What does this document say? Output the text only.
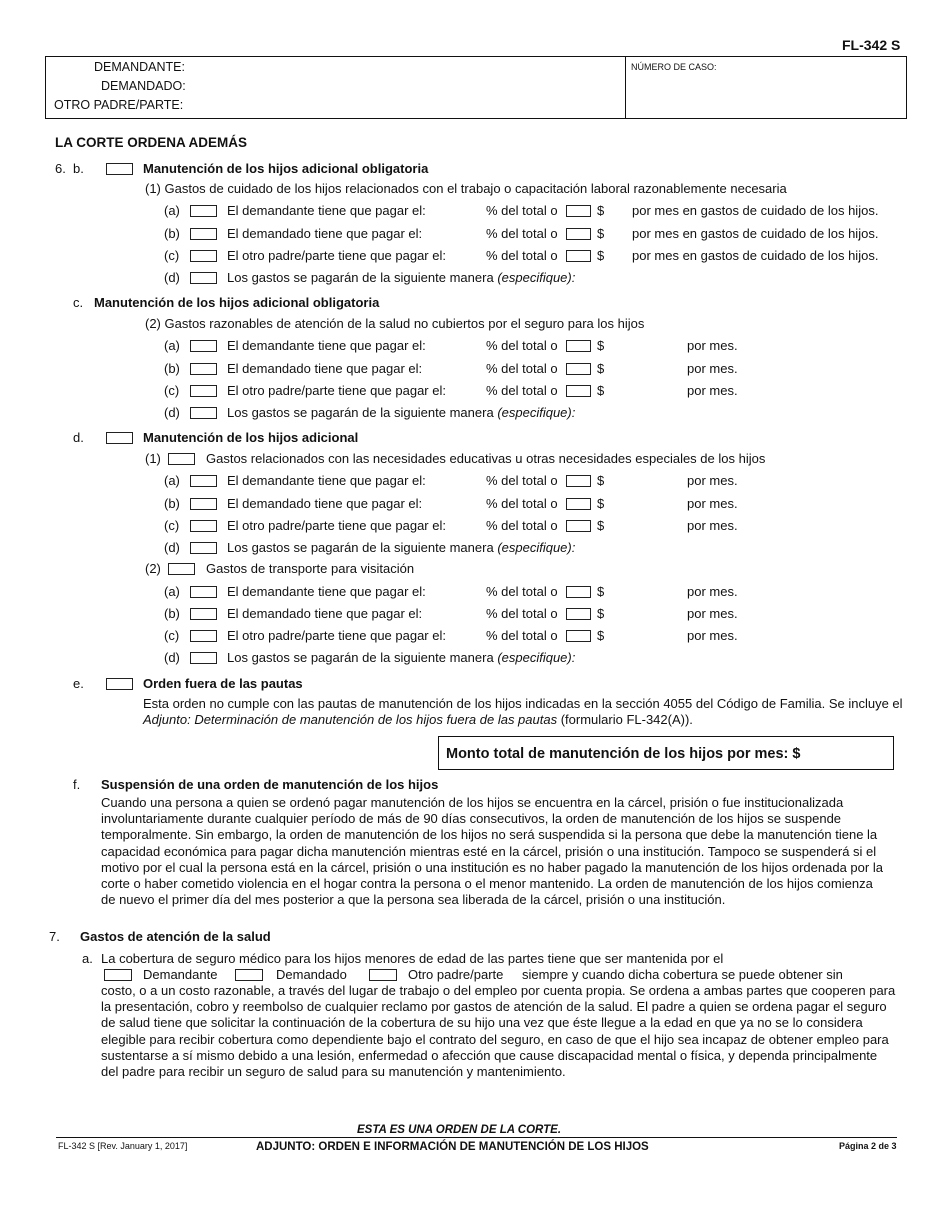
FL-342 S
DEMANDANTE:
DEMANDADO:
OTRO PADRE/PARTE:
NÚMERO DE CASO:
LA CORTE ORDENA ADEMÁS
6. b.	Manutención de los hijos adicional obligatoria
(1) Gastos de cuidado de los hijos relacionados con el trabajo o capacitación laboral razonablemente necesaria
(a)	El demandante tiene que pagar el:	% del total o	$ por mes en gastos de cuidado de los hijos.
(b)	El demandado tiene que pagar el:	% del total o	$ por mes en gastos de cuidado de los hijos.
(c)	El otro padre/parte tiene que pagar el:	% del total o	$ por mes en gastos de cuidado de los hijos.
(d)	Los gastos se pagarán de la siguiente manera (especifique):
c. Manutención de los hijos adicional obligatoria
(2) Gastos razonables de atención de la salud no cubiertos por el seguro para los hijos
(a)	El demandante tiene que pagar el:	% del total o	$	por mes.
(b)	El demandado tiene que pagar el:	% del total o	$	por mes.
(c)	El otro padre/parte tiene que pagar el:	% del total o	$	por mes.
(d)	Los gastos se pagarán de la siguiente manera (especifique):
d.	Manutención de los hijos adicional
(1)	Gastos relacionados con las necesidades educativas u otras necesidades especiales de los hijos
(a)	El demandante tiene que pagar el:	% del total o	$	por mes.
(b)	El demandado tiene que pagar el:	% del total o	$	por mes.
(c)	El otro padre/parte tiene que pagar el:	% del total o	$	por mes.
(d)	Los gastos se pagarán de la siguiente manera (especifique):
(2)	Gastos de transporte para visitación
(a)	El demandante tiene que pagar el:	% del total o	$	por mes.
(b)	El demandado tiene que pagar el:	% del total o	$	por mes.
(c)	El otro padre/parte tiene que pagar el:	% del total o	$	por mes.
(d)	Los gastos se pagarán de la siguiente manera (especifique):
e.	Orden fuera de las pautas
Esta orden no cumple con las pautas de manutención de los hijos indicadas en la sección 4055 del Código de Familia. Se incluye el Adjunto: Determinación de manutención de los hijos fuera de las pautas (formulario FL-342(A)).
Monto total de manutención de los hijos por mes: $
f. Suspensión de una orden de manutención de los hijos
Cuando una persona a quien se ordenó pagar manutención de los hijos se encuentra en la cárcel, prisión o fue institucionalizada involuntariamente durante cualquier período de más de 90 días consecutivos, la orden de manutención de los hijos se suspende temporalmente. Sin embargo, la orden de manutención de los hijos no será suspendida si la persona que debe la manutención tiene la capacidad económica para pagar dicha manutención mientras esté en la cárcel, prisión o una institución. Tampoco se suspenderá si el motivo por el cual la persona está en la cárcel, prisión o una institución es no haber pagado la manutención de los hijos ordenada por la corte o haber cometido violencia en el hogar contra la persona o el menor mantenido. La orden de manutención de los hijos comienza de nuevo el primer día del mes posterior a que la persona sea liberada de la cárcel, prisión o una institución.
7. Gastos de atención de la salud
a. La cobertura de seguro médico para los hijos menores de edad de las partes tiene que ser mantenida por el
Demandante	Demandado	Otro padre/parte siempre y cuando dicha cobertura se puede obtener sin
costo, o a un costo razonable, a través del lugar de trabajo o del empleo por cuenta propia. Se ordena a ambas partes que cooperen para la presentación, cobro y reembolso de cualquier reclamo por gastos de atención de la salud. El padre a quien se ordena pagar el seguro de salud tiene que solicitar la continuación de la cobertura de su hijo una vez que éste llegue a la edad en que ya no se lo considera elegible para recibir cobertura como dependiente bajo el contrato del seguro, en caso de que el hijo sea incapaz de obtener empleo para sustentarse a sí mismo debido a una lesión, enfermedad o afección que cause discapacidad mental o física, y dependa principalmente del padre para recibir un seguro de salud para su manutención y mantenimiento.
ESTA ES UNA ORDEN DE LA CORTE.
FL-342 S [Rev. January 1, 2017]	ADJUNTO: ORDEN E INFORMACIÓN DE MANUTENCIÓN DE LOS HIJOS	Página 2 de 3
